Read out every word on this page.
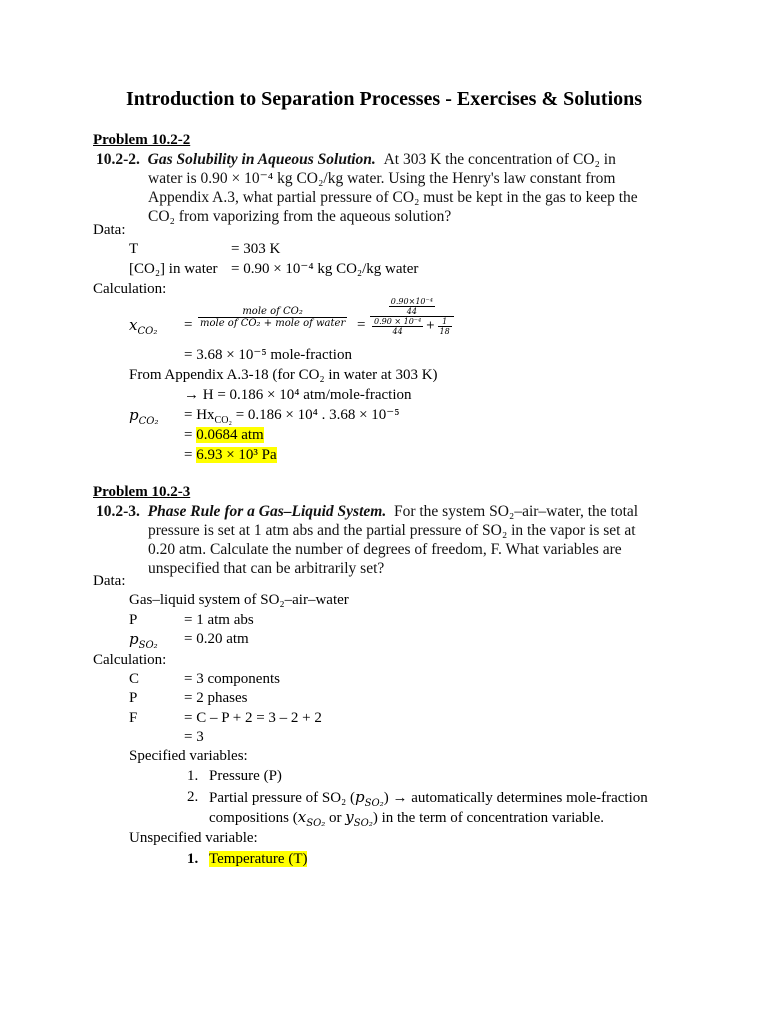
Introduction to Separation Processes - Exercises & Solutions
Problem 10.2-2
10.2-2. Gas Solubility in Aqueous Solution. At 303 K the concentration of CO₂ in
water is 0.90 × 10⁻⁴ kg CO₂/kg water. Using the Henry's law constant from
Appendix A.3, what partial pressure of CO₂ must be kept in the gas to keep the
CO₂ from vaporizing from the aqueous solution?
Data:
T	= 303 K
[CO₂] in water = 0.90 × 10⁻⁴ kg CO₂/kg water
Calculation:
$x_{CO_2} = \frac{\text{mole of CO₂}}{\text{mole of CO₂ + mole of water}} = \frac{\frac{\text{0.90×10⁻⁴}}{44}}{\frac{\text{0.90 × 10⁻⁴}}{44} + \frac{1}{18}}$
= 3.68 × 10⁻⁵ mole-fraction
From Appendix A.3-18 (for CO₂ in water at 303 K)
→ H = 0.186 × 10⁴ atm/mole-fraction
$p_{CO_2} = Hx_{CO_2} = 0.186 \times 10^4$ . 3.68 × 10⁻⁵
= 0.0684 atm
= 6.93 × 10³ Pa
Problem 10.2-3
10.2-3. Phase Rule for a Gas–Liquid System. For the system SO₂–air–water, the total
pressure is set at 1 atm abs and the partial pressure of SO₂ in the vapor is set at
0.20 atm. Calculate the number of degrees of freedom, F. What variables are
unspecified that can be arbitrarily set?
Data:
Gas–liquid system of SO₂–air–water
P	= 1 atm abs
$p_{SO_2} = 0.20$ atm
Calculation:
C	= 3 components
P	= 2 phases
F	= C – P + 2 = 3 – 2 + 2
= 3
Specified variables:
1. Pressure (P)
2. Partial pressure of SO₂ $(p_{SO_2})$ → automatically determines mole-fraction
compositions ($x_{SO_2}$ or $y_{SO_2}$) in the term of concentration variable.
Unspecified variable:
1. Temperature (T)
